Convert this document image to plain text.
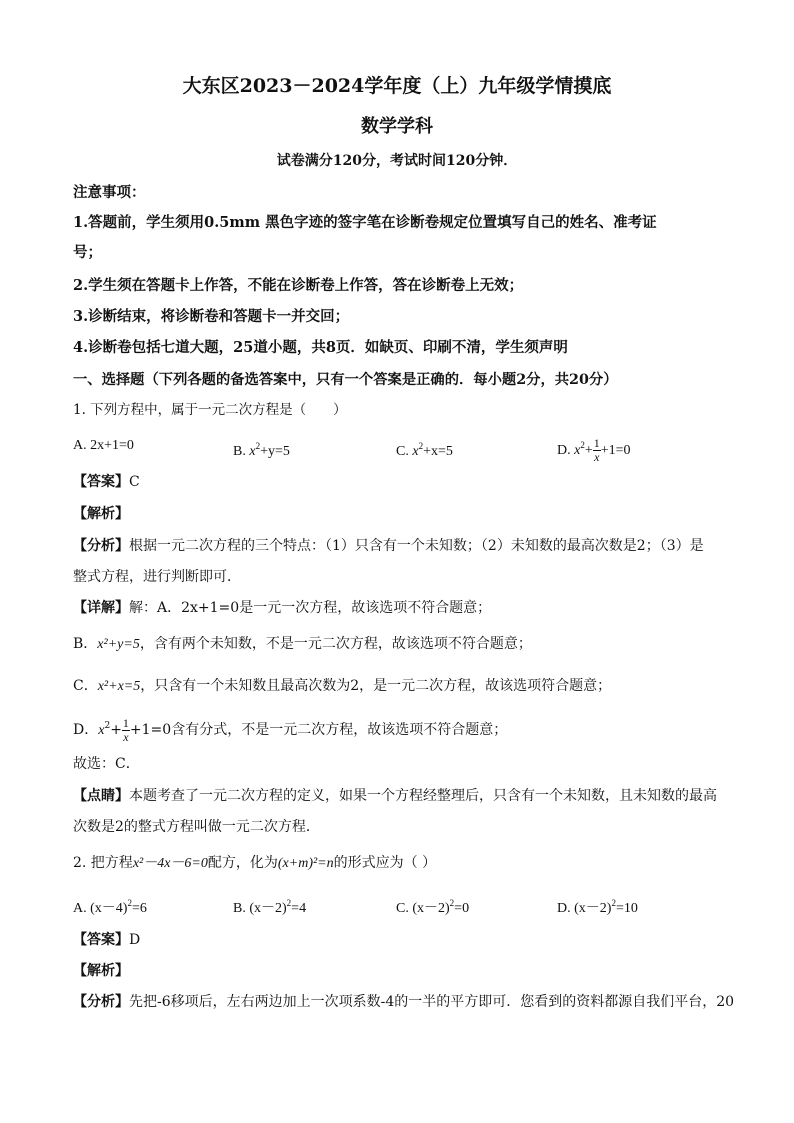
大东区2023－2024学年度（上）九年级学情摸底
数学学科
试卷满分120分，考试时间120分钟．
注意事项：
1.答题前，学生须用0.5mm 黑色字迹的签字笔在诊断卷规定位置填写自己的姓名、准考证
号；
2.学生须在答题卡上作答，不能在诊断卷上作答，答在诊断卷上无效；
3.诊断结束，将诊断卷和答题卡一并交回；
4.诊断卷包括七道大题，25道小题，共8页．如缺页、印刷不清，学生须声明
一、选择题（下列各题的备选答案中，只有一个答案是正确的．每小题2分，共20分）
1. 下列方程中，属于一元二次方程是（　　）
A. 2x+1=0	B. $x^2+y=5$	C. $x^2+x=5$	D. $x^2+ \frac{1}{x} +1=0$
【答案】C
【解析】
【分析】根据一元二次方程的三个特点：（1）只含有一个未知数；（2）未知数的最高次数是2；（3）是
整式方程，进行判断即可．
【详解】解：A．2x+1=0是一元一次方程，故该选项不符合题意；
B．x²+y=5，含有两个未知数，不是一元二次方程，故该选项不符合题意；
C．x²+x=5，只含有一个未知数且最高次数为2，是一元二次方程，故该选项符合题意；
D．$x^2+ \frac{1}{x} +1=0$含有分式，不是一元二次方程，故该选项不符合题意；
故选：C．
【点睛】本题考查了一元二次方程的定义，如果一个方程经整理后，只含有一个未知数，且未知数的最高
次数是2的整式方程叫做一元二次方程．
2. 把方程x²－4x－6=0配方，化为(x+m)²=n的形式应为（ ）
A. $(x-4)^2=6$	B. $(x-2)^2=4$	C. $(x-2)^2=0$	D. $(x-2)^2=10$
【答案】D
【解析】
【分析】先把-6移项后，左右两边加上一次项系数-4的一半的平方即可．您看到的资料都源自我们平台，20
